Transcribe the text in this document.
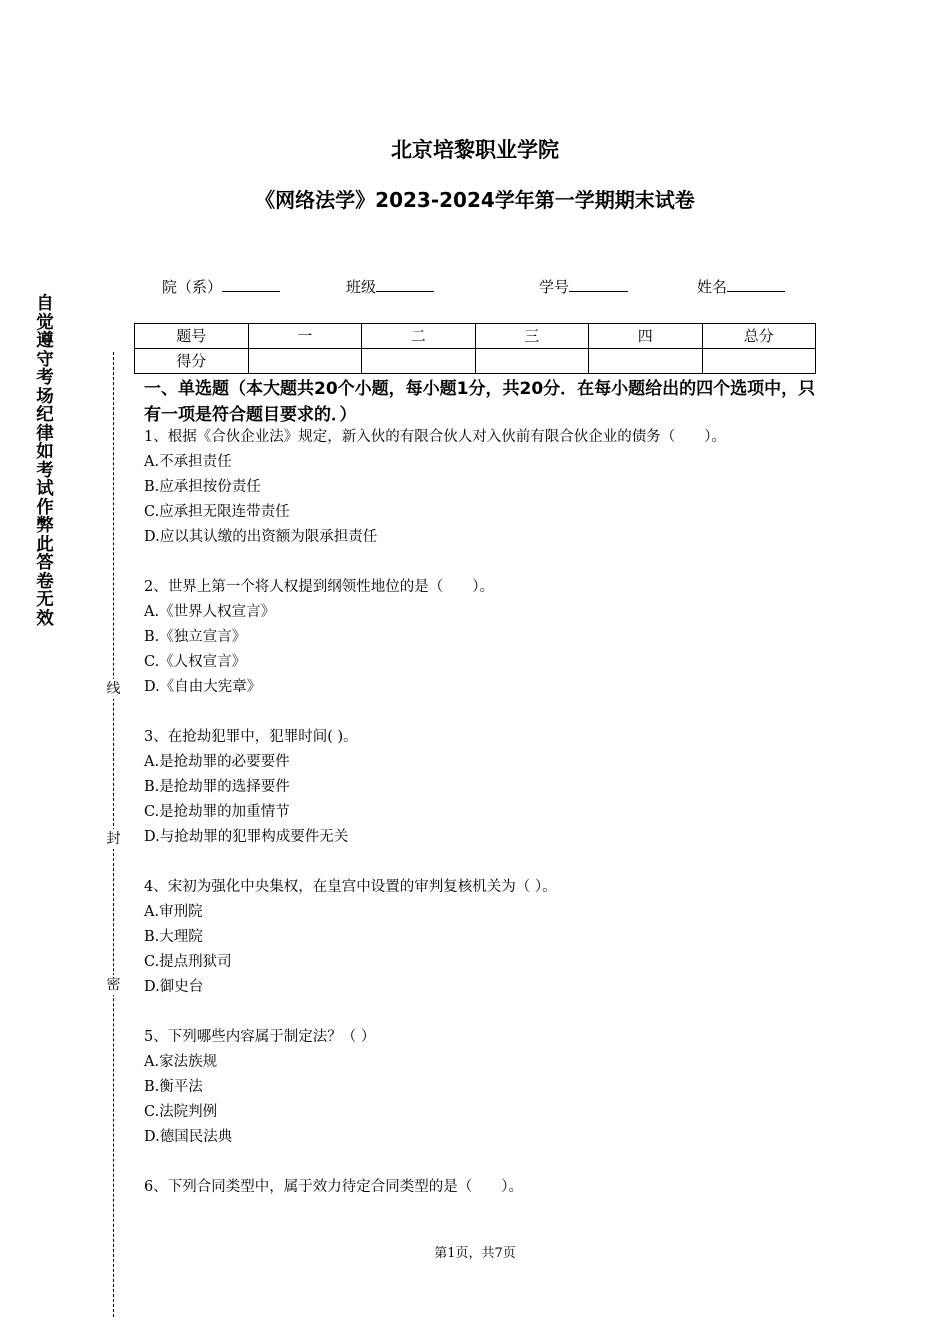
北京培黎职业学院
《网络法学》2023-2024学年第一学期期末试卷
院（系）	班级	学号	姓名
题号	一	二	三	四	总分
得分					
一、单选题（本大题共20个小题，每小题1分，共20分．在每小题给出的四个选项中，只有一项是符合题目要求的．）
1、根据《合伙企业法》规定，新入伙的有限合伙人对入伙前有限合伙企业的债务（　　）。
A.不承担责任
B.应承担按份责任
C.应承担无限连带责任
D.应以其认缴的出资额为限承担责任
2、世界上第一个将人权提到纲领性地位的是（　　）。
A.《世界人权宣言》
B.《独立宣言》
C.《人权宣言》
D.《自由大宪章》
3、在抢劫犯罪中，犯罪时间( )。
A.是抢劫罪的必要要件
B.是抢劫罪的选择要件
C.是抢劫罪的加重情节
D.与抢劫罪的犯罪构成要件无关
4、宋初为强化中央集权，在皇宫中设置的审判复核机关为（ ）。
A.审刑院
B.大理院
C.提点刑狱司
D.御史台
5、下列哪些内容属于制定法？（ ）
A.家法族规
B.衡平法
C.法院判例
D.德国民法典
6、下列合同类型中，属于效力待定合同类型的是（　　）。
自觉遵守考场纪律如考试作弊此答卷无效
线
封
密
第1页，共7页
